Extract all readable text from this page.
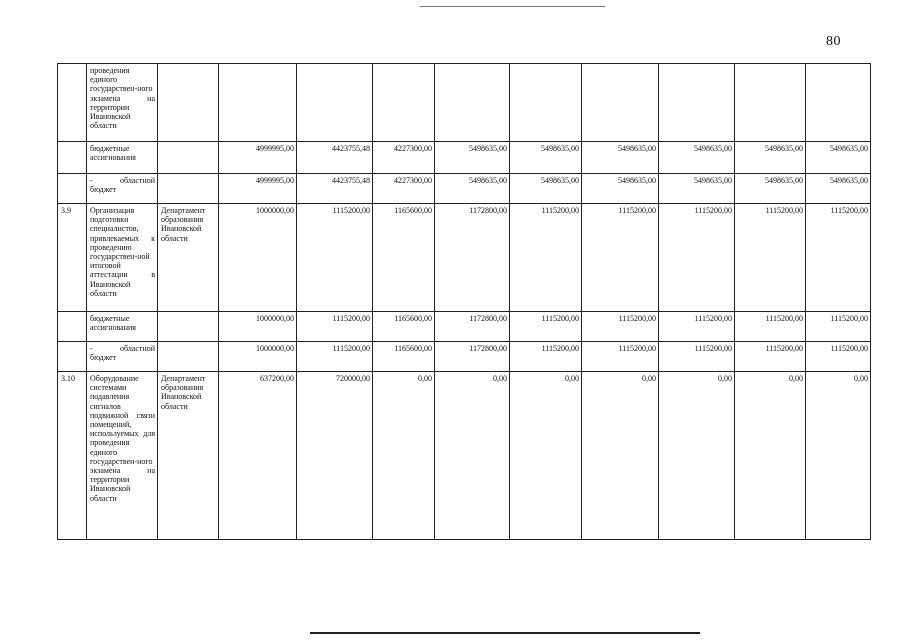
80
	проведения единого государствен-ного экзамена на территории Ивановской области										
	бюджетные ассигнования		4999995,00	4423755,48	4227300,00	5498635,00	5498635,00	5498635,00	5498635,00	5498635,00	5498635,00
	- областной бюджет		4999995,00	4423755,48	4227300,00	5498635,00	5498635,00	5498635,00	5498635,00	5498635,00	5498635,00
3.9	Организация подготовки специалистов, привлекаемых к проведению государствен-ной итоговой аттестации в Ивановской области	Департамент образования Ивановской области	1000000,00	1115200,00	1165600,00	1172800,00	1115200,00	1115200,00	1115200,00	1115200,00	1115200,00
	бюджетные ассигнования		1000000,00	1115200,00	1165600,00	1172800,00	1115200,00	1115200,00	1115200,00	1115200,00	1115200,00
	- областной бюджет		1000000,00	1115200,00	1165600,00	1172800,00	1115200,00	1115200,00	1115200,00	1115200,00	1115200,00
3.10	Оборудование системами подавления сигналов подвижной связи помещений, используемых для проведения единого государствен-ного экзамена на территории Ивановской области	Департамент образования Ивановской области	637200,00	720000,00	0,00	0,00	0,00	0,00	0,00	0,00	0,00
